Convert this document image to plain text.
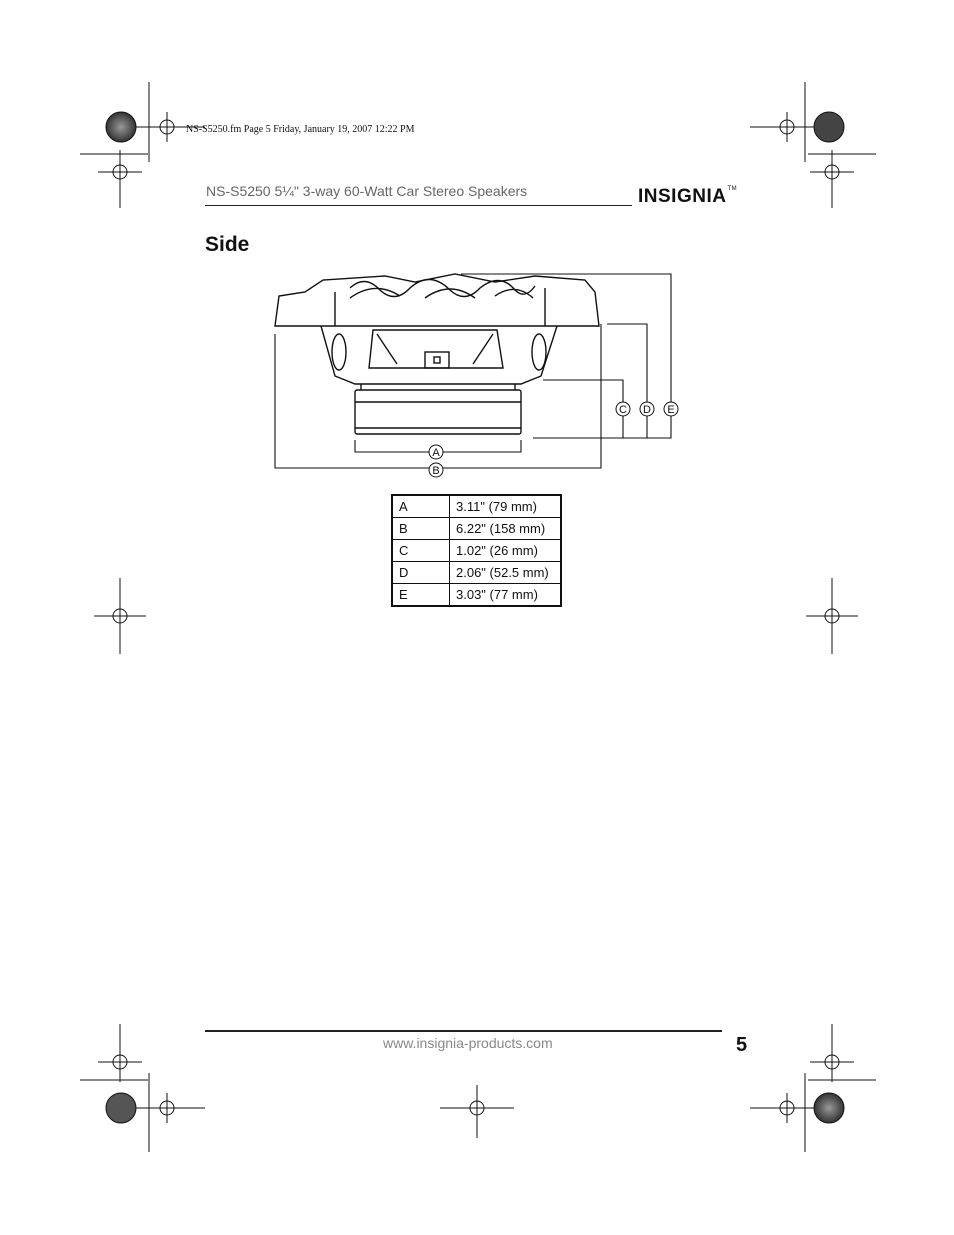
NS-S5250.fm Page 5 Friday, January 19, 2007 12:22 PM
NS-S5250 5¼" 3-way 60-Watt Car Stereo Speakers	INSIGNIA™
Side
A
B
C D E
A	3.11" (79 mm)
B	6.22" (158 mm)
C	1.02" (26 mm)
D	2.06" (52.5 mm)
E	3.03" (77 mm)
www.insignia-products.com	5
